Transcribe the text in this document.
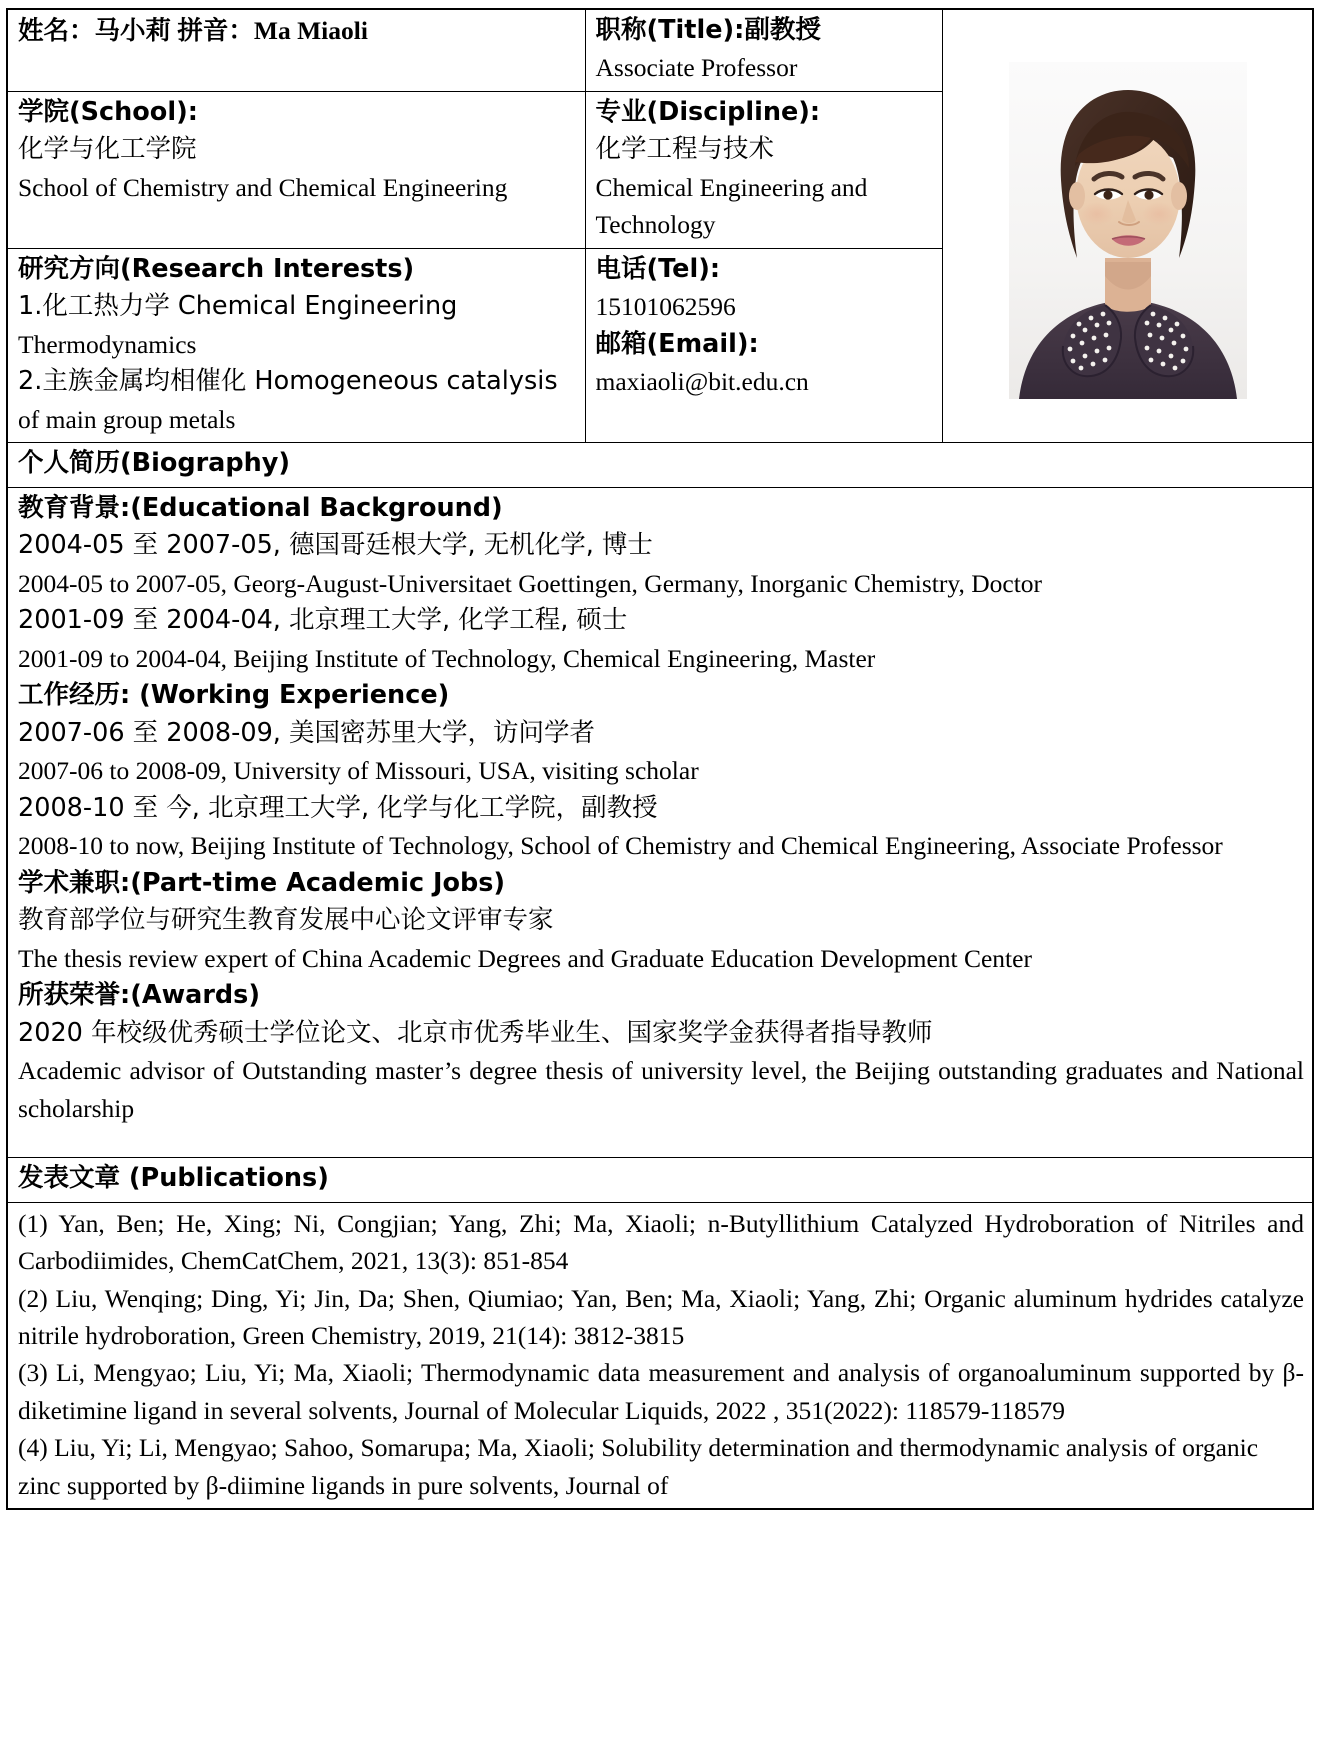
姓名：马小莉 拼音：Ma Miaoli	职称(Title):副教授
Associate Professor

学院(School):
化学与化工学院
School of Chemistry and Chemical Engineering	专业(Discipline):
化学工程与技术
Chemical Engineering and
Technology	

研究方向(Research Interests)
1.化工热力学 Chemical Engineering
Thermodynamics
2.主族金属均相催化 Homogeneous catalysis
of main group metals	电话(Tel):
15101062596
邮箱(Email):
maxiaoli@bit.edu.cn	

个人简历(Biography)		

教育背景:(Educational Background)
2004-05 至 2007-05, 德国哥廷根大学, 无机化学, 博士
2004-05 to 2007-05, Georg-August-Universitaet Goettingen, Germany, Inorganic Chemistry, Doctor
2001-09 至 2004-04, 北京理工大学, 化学工程, 硕士
2001-09 to 2004-04, Beijing Institute of Technology, Chemical Engineering, Master
工作经历: (Working Experience)
2007-06 至 2008-09, 美国密苏里大学，访问学者
2007-06 to 2008-09, University of Missouri, USA, visiting scholar
2008-10 至 今, 北京理工大学, 化学与化工学院，副教授
2008-10 to now, Beijing Institute of Technology, School of Chemistry and Chemical Engineering, Associate Professor
学术兼职:(Part-time Academic Jobs)
教育部学位与研究生教育发展中心论文评审专家
The thesis review expert of China Academic Degrees and Graduate Education Development Center
所获荣誉:(Awards)
2020 年校级优秀硕士学位论文、北京市优秀毕业生、国家奖学金获得者指导教师
Academic advisor of Outstanding master’s degree thesis of university level, the Beijing outstanding graduates and National scholarship

发表文章 (Publications)		

(1) Yan, Ben; He, Xing; Ni, Congjian; Yang, Zhi; Ma, Xiaoli; n-Butyllithium Catalyzed Hydroboration of Nitriles and Carbodiimides, ChemCatChem, 2021, 13(3): 851-854

(2) Liu, Wenqing; Ding, Yi; Jin, Da; Shen, Qiumiao; Yan, Ben; Ma, Xiaoli; Yang, Zhi; Organic aluminum hydrides catalyze nitrile hydroboration, Green Chemistry, 2019, 21(14): 3812-3815

(3) Li, Mengyao; Liu, Yi; Ma, Xiaoli; Thermodynamic data measurement and analysis of organoaluminum supported by β-diketimine ligand in several solvents, Journal of Molecular Liquids, 2022 , 351(2022): 118579-118579

(4) Liu, Yi; Li, Mengyao; Sahoo, Somarupa; Ma, Xiaoli; Solubility determination and thermodynamic analysis of organic zinc supported by β-diimine ligands in pure solvents, Journal of		
